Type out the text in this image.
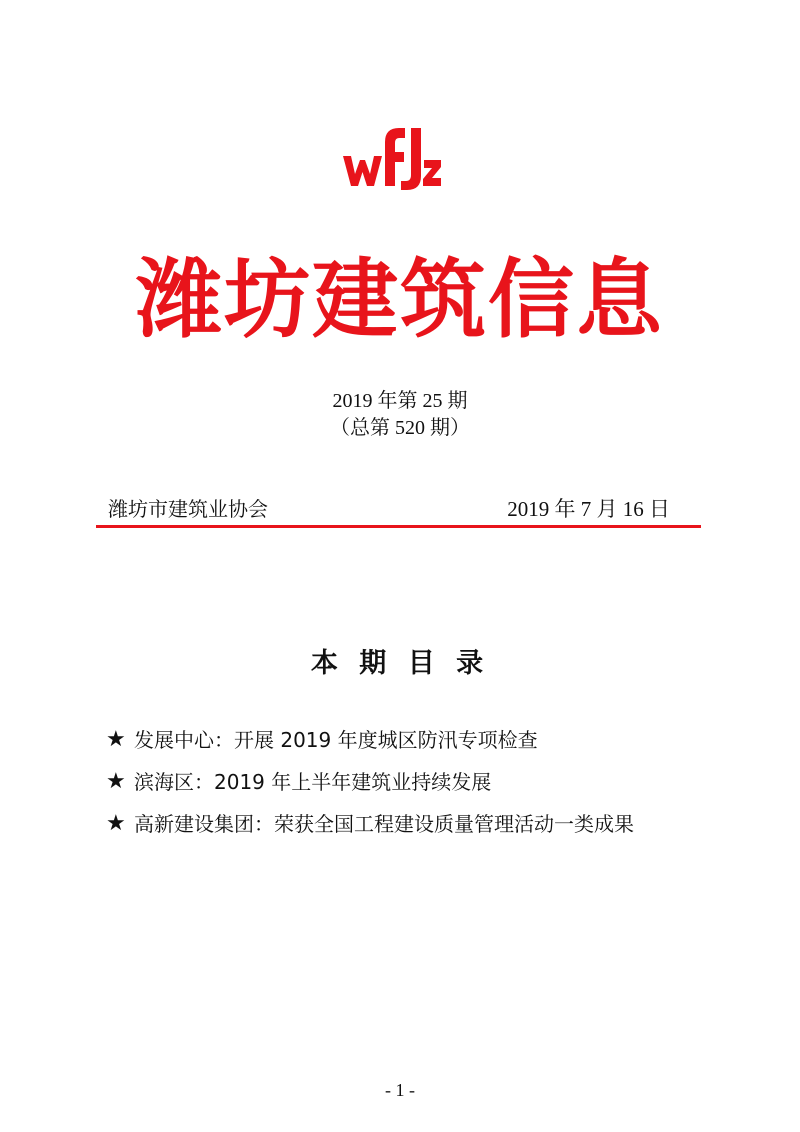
潍坊建筑信息
2019 年第 25 期
（总第 520 期）
潍坊市建筑业协会	2019 年 7 月 16 日
本 期 目 录
★ 发展中心：开展 2019 年度城区防汛专项检查
★ 滨海区：2019 年上半年建筑业持续发展
★ 高新建设集团：荣获全国工程建设质量管理活动一类成果
- 1 -
